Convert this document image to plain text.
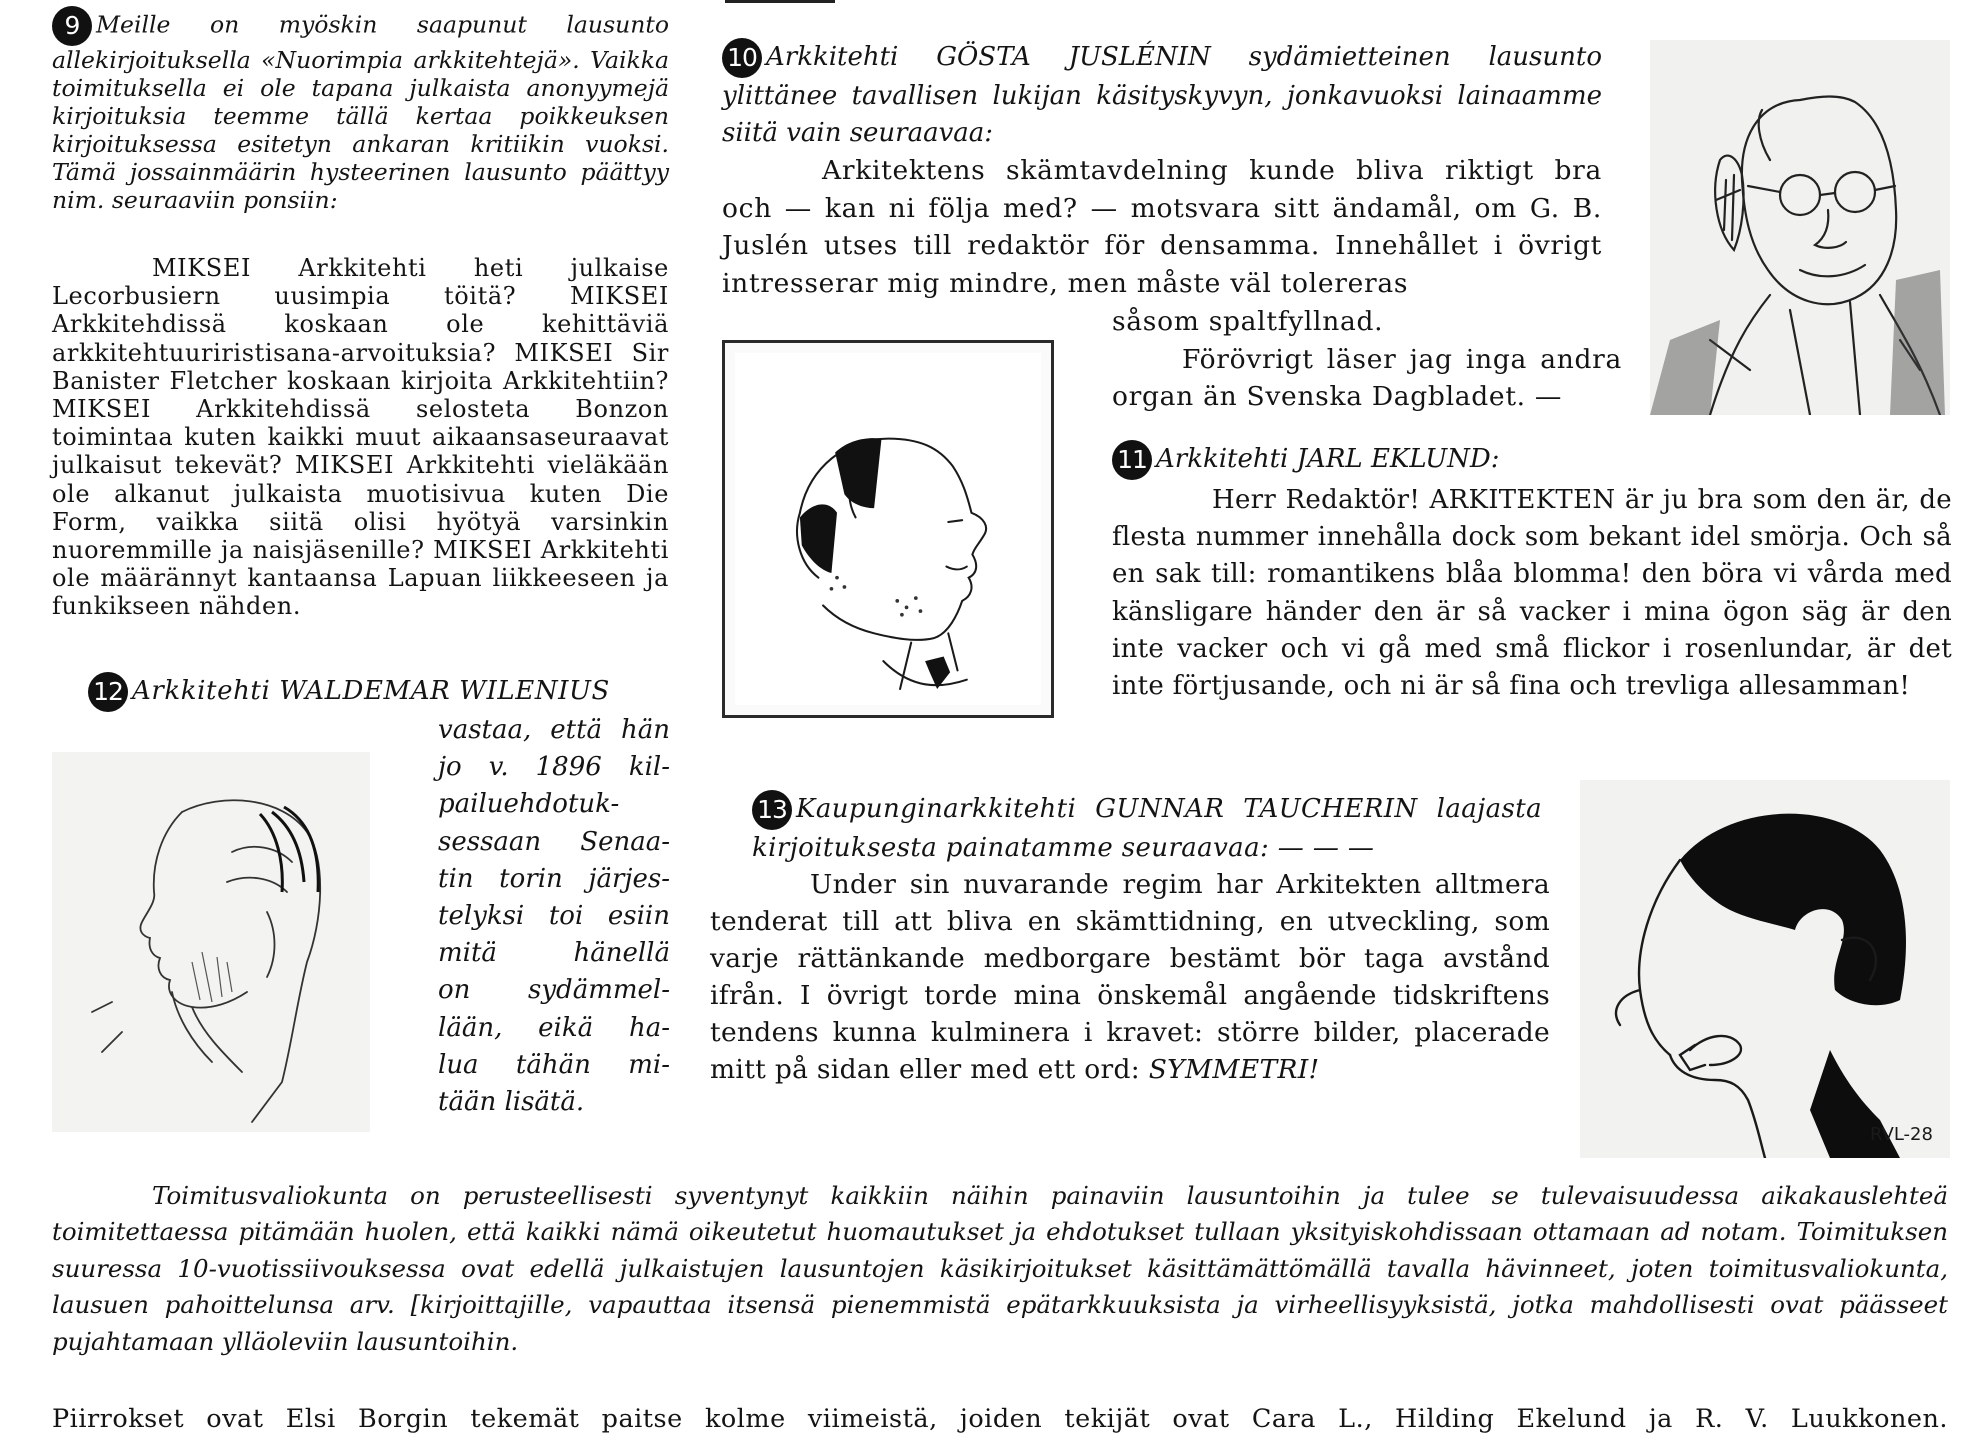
9 Meille on myöskin saapunut lausunto allekirjoituksella «Nuorimpia arkkitehtejä». Vaikka toimituksella ei ole tapana julkaista anonyymejä kirjoituksia teemme tällä kertaa poikkeuksen kirjoituksessa esitetyn ankaran kritiikin vuoksi. Tämä jossainmäärin hysteerinen lausunto päättyy nim. seuraaviin ponsiin:

MIKSEI Arkkitehti heti julkaise Lecorbusiern uusimpia töitä? MIKSEI Arkkitehdissä koskaan ole kehittäviä arkkitehtuuriristisana-arvoituksia? MIKSEI Sir Banister Fletcher koskaan kirjoita Arkkitehtiin? MIKSEI Arkkitehdissä selosteta Bonzon toimintaa kuten kaikki muut aikaansaseuraavat julkaisut tekevät? MIKSEI Arkkitehti vieläkään ole alkanut julkaista muotisivua kuten Die Form, vaikka siitä olisi hyötyä varsinkin nuoremmille ja naisjäsenille? MIKSEI Arkkitehti ole määrännyt kantaansa Lapuan liikkeeseen ja funkikseen nähden.

12 Arkkitehti WALDEMAR WILENIUS
vastaa, että hän
jo v. 1896 kil-
pailuehdotuk-
sessaan Senaa-
tin torin järjes-
telyksi toi esiin
mitä hänellä
on sydämmel-
lään, eikä ha-
lua tähän mi-
tään lisätä.

10 Arkkitehti GÖSTA JUSLÉNIN sydämietteinen lausunto ylittänee tavallisen lukijan käsityskyvyn, jonkavuoksi lainaamme siitä vain seuraavaa:

Arkitektens skämtavdelning kunde bliva riktigt bra och — kan ni följa med? — motsvara sitt ändamål, om G. B. Juslén utses till redaktör för densamma. Innehållet i övrigt intresserar mig mindre, men måste väl tolereras

såsom spaltfyllnad.

Förövrigt läser jag inga andra organ än Svenska Dagbladet. —

11 Arkkitehti JARL EKLUND:

Herr Redaktör! ARKITEKTEN är ju bra som den är, de flesta nummer innehålla dock som bekant idel smörja. Och så en sak till: romantikens blåa blomma! den böra vi vårda med känsligare händer den är så vacker i mina ögon säg är den inte vacker och vi gå med små flickor i rosenlundar, är det inte förtjusande, och ni är så fina och trevliga allesamman!

13 Kaupunginarkkitehti GUNNAR TAUCHERIN laajasta kirjoituksesta painatamme seuraavaa: — — —

Under sin nuvarande regim har Arkitekten alltmera tenderat till att bliva en skämttidning, en utveckling, som varje rättänkande medborgare bestämt bör taga avstånd ifrån. I övrigt torde mina önskemål angående tidskriftens tendens kunna kulminera i kravet: större bilder, placerade mitt på sidan eller med ett ord: SYMMETRI!

Toimitusvaliokunta on perusteellisesti syventynyt kaikkiin näihin painaviin lausuntoihin ja tulee se tulevaisuudessa aikakauslehteä toimitettaessa pitämään huolen, että kaikki nämä oikeutetut huomautukset ja ehdotukset tullaan yksityiskohdissaan ottamaan ad notam. Toimituksen suuressa 10-vuotissiivouksessa ovat edellä julkaistujen lausuntojen käsikirjoitukset käsittämättömällä tavalla hävinneet, joten toimitusvaliokunta, lausuen pahoittelunsa arv. [kirjoittajille, vapauttaa itsensä pienemmistä epätarkkuuksista ja virheellisyyksistä, jotka mahdollisesti ovat päässeet pujahtamaan ylläoleviin lausuntoihin.

Piirrokset ovat Elsi Borgin tekemät paitse kolme viimeistä, joiden tekijät ovat Cara L., Hilding Ekelund ja R. V. Luukkonen.

RVL-28
